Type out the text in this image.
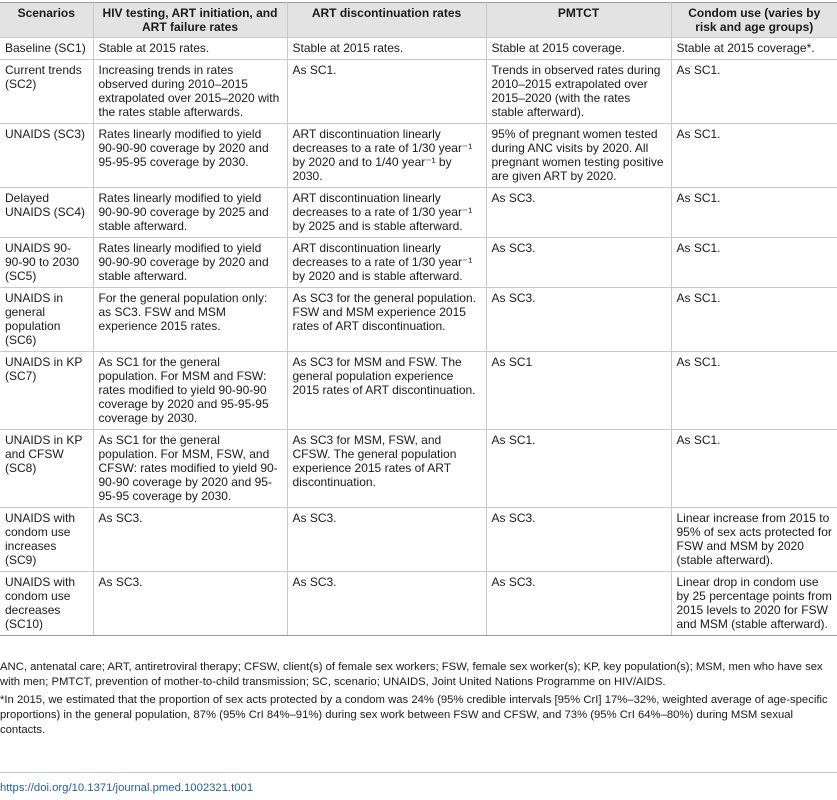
Scenarios	HIV testing, ART initiation, and ART failure rates	ART discontinuation rates	PMTCT	Condom use (varies by risk and age groups)
Baseline (SC1)	Stable at 2015 rates.	Stable at 2015 rates.	Stable at 2015 coverage.	Stable at 2015 coverage*.
Current trends (SC2)	Increasing trends in rates observed during 2010–2015 extrapolated over 2015–2020 with the rates stable afterwards.	As SC1.	Trends in observed rates during 2010–2015 extrapolated over 2015–2020 (with the rates stable afterward).	As SC1.
UNAIDS (SC3)	Rates linearly modified to yield 90-90-90 coverage by 2020 and 95-95-95 coverage by 2030.	ART discontinuation linearly decreases to a rate of 1/30 year⁻¹ by 2020 and to 1/40 year⁻¹ by 2030.	95% of pregnant women tested during ANC visits by 2020. All pregnant women testing positive are given ART by 2020.	As SC1.
Delayed UNAIDS (SC4)	Rates linearly modified to yield 90-90-90 coverage by 2025 and stable afterward.	ART discontinuation linearly decreases to a rate of 1/30 year⁻¹ by 2025 and is stable afterward.	As SC3.	As SC1.
UNAIDS 90-90-90 to 2030 (SC5)	Rates linearly modified to yield 90-90-90 coverage by 2020 and stable afterward.	ART discontinuation linearly decreases to a rate of 1/30 year⁻¹ by 2020 and is stable afterward.	As SC3.	As SC1.
UNAIDS in general population (SC6)	For the general population only: as SC3. FSW and MSM experience 2015 rates.	As SC3 for the general population. FSW and MSM experience 2015 rates of ART discontinuation.	As SC3.	As SC1.
UNAIDS in KP (SC7)	As SC1 for the general population. For MSM and FSW: rates modified to yield 90-90-90 coverage by 2020 and 95-95-95 coverage by 2030.	As SC3 for MSM and FSW. The general population experience 2015 rates of ART discontinuation.	As SC1	As SC1.
UNAIDS in KP and CFSW (SC8)	As SC1 for the general population. For MSM, FSW, and CFSW: rates modified to yield 90-90-90 coverage by 2020 and 95-95-95 coverage by 2030.	As SC3 for MSM, FSW, and CFSW. The general population experience 2015 rates of ART discontinuation.	As SC1.	As SC1.
UNAIDS with condom use increases (SC9)	As SC3.	As SC3.	As SC3.	Linear increase from 2015 to 95% of sex acts protected for FSW and MSM by 2020 (stable afterward).
UNAIDS with condom use decreases (SC10)	As SC3.	As SC3.	As SC3.	Linear drop in condom use by 25 percentage points from 2015 levels to 2020 for FSW and MSM (stable afterward).

ANC, antenatal care; ART, antiretroviral therapy; CFSW, client(s) of female sex workers; FSW, female sex worker(s); KP, key population(s); MSM, men who have sex with men; PMTCT, prevention of mother-to-child transmission; SC, scenario; UNAIDS, Joint United Nations Programme on HIV/AIDS.

*In 2015, we estimated that the proportion of sex acts protected by a condom was 24% (95% credible intervals [95% CrI] 17%–32%, weighted average of age-specific proportions) in the general population, 87% (95% CrI 84%–91%) during sex work between FSW and CFSW, and 73% (95% CrI 64%–80%) during MSM sexual contacts.

https://doi.org/10.1371/journal.pmed.1002321.t001
